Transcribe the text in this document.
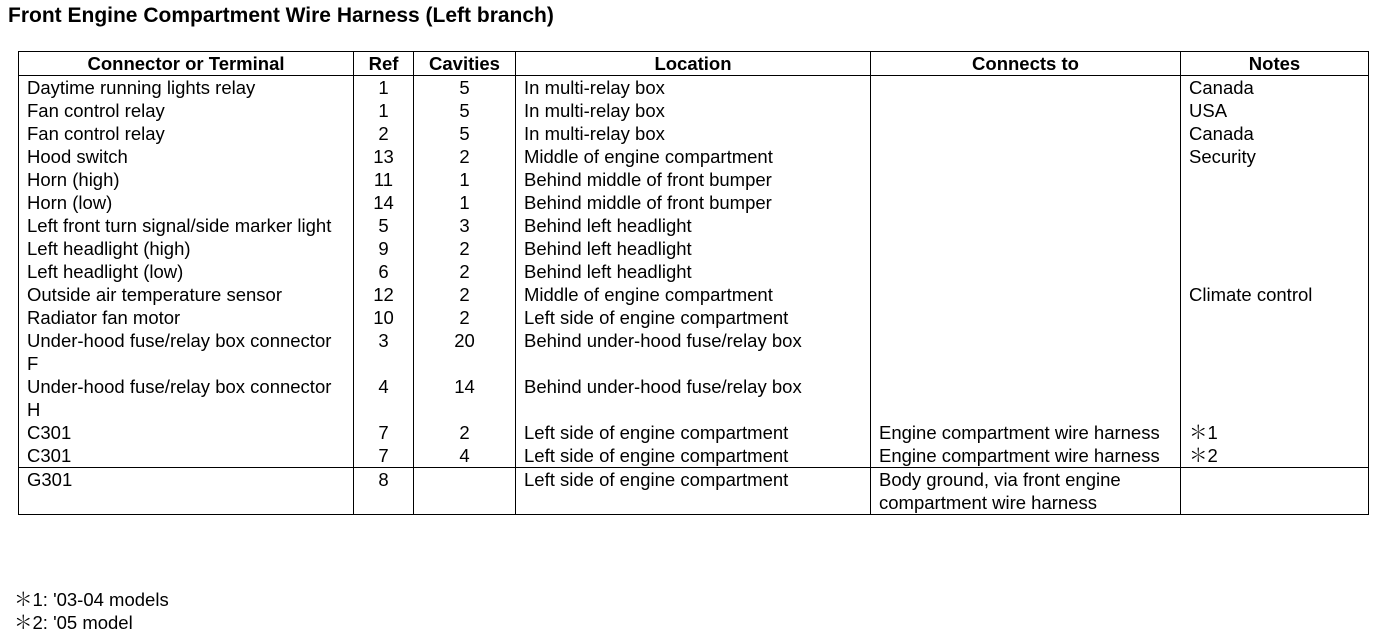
Front Engine Compartment Wire Harness (Left branch)
Connector or Terminal	Ref	Cavities	Location	Connects to	Notes
Daytime running lights relay	1	5	In multi-relay box		Canada
Fan control relay	1	5	In multi-relay box		USA
Fan control relay	2	5	In multi-relay box		Canada
Hood switch	13	2	Middle of engine compartment		Security
Horn (high)	11	1	Behind middle of front bumper		
Horn (low)	14	1	Behind middle of front bumper		
Left front turn signal/side marker light	5	3	Behind left headlight		
Left headlight (high)	9	2	Behind left headlight		
Left headlight (low)	6	2	Behind left headlight		
Outside air temperature sensor	12	2	Middle of engine compartment		Climate control
Radiator fan motor	10	2	Left side of engine compartment		
Under-hood fuse/relay box connector F	3	20	Behind under-hood fuse/relay box		
Under-hood fuse/relay box connector H	4	14	Behind under-hood fuse/relay box		
C301	7	2	Left side of engine compartment	Engine compartment wire harness	＊1
C301	7	4	Left side of engine compartment	Engine compartment wire harness	＊2
G301	8		Left side of engine compartment	Body ground, via front engine compartment wire harness	
＊1: '03-04 models
＊2: '05 model
